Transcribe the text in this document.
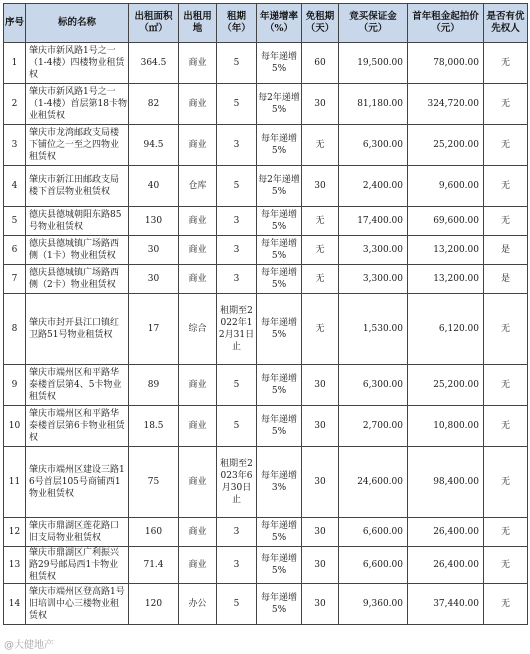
序号	标的名称	出租面积（㎡）	出租用地	租期（年）	年递增率（%）	免租期（天）	竞买保证金（元）	首年租金起拍价（元）	是否有优先权人
1	肇庆市新风路1号之一（1-4楼）四楼物业租赁权	364.5	商业	5	每年递增5%	60	19,500.00	78,000.00	无
2	肇庆市新风路1号之一（1-4楼）首层第18卡物业租赁权	82	商业	5	每2年递增5%	30	81,180.00	324,720.00	无
3	肇庆市龙湾邮政支局楼下铺位之一至之四物业租赁权	94.5	商业	3	每年递增5%	无	6,300.00	25,200.00	无
4	肇庆市新江田邮政支局楼下首层物业租赁权	40	仓库	5	每2年递增5%	30	2,400.00	9,600.00	无
5	德庆县德城朝阳东路85号物业租赁权	130	商业	3	每年递增5%	无	17,400.00	69,600.00	无
6	德庆县德城镇广场路西侧（1卡）物业租赁权	30	商业	3	每年递增5%	无	3,300.00	13,200.00	是
7	德庆县德城镇广场路西侧（2卡）物业租赁权	30	商业	3	每年递增5%	无	3,300.00	13,200.00	是
8	肇庆市封开县江口镇红卫路51号物业租赁权	17	综合	租期至2022年12月31日止	每年递增5%	无	1,530.00	6,120.00	无
9	肇庆市端州区和平路华泰楼首层第4、5卡物业租赁权	89	商业	5	每年递增5%	30	6,300.00	25,200.00	无
10	肇庆市端州区和平路华泰楼首层第6卡物业租赁权	18.5	商业	5	每年递增5%	30	2,700.00	10,800.00	无
11	肇庆市端州区建设三路16号首层105号商铺西1物业租赁权	75	商业	租期至2023年6月30日止	每年递增3%	30	24,600.00	98,400.00	无
12	肇庆市鼎湖区莲花路口旧支局物业租赁权	160	商业	3	每年递增5%	30	6,600.00	26,400.00	无
13	肇庆市鼎湖区广利振兴路29号邮局西1卡物业租赁权	71.4	商业	3	每年递增5%	30	6,600.00	26,400.00	无
14	肇庆市端州区登高路1号旧培训中心三楼物业租赁权	120	办公	5	每年递增5%	30	9,360.00	37,440.00	无
@大健地产
